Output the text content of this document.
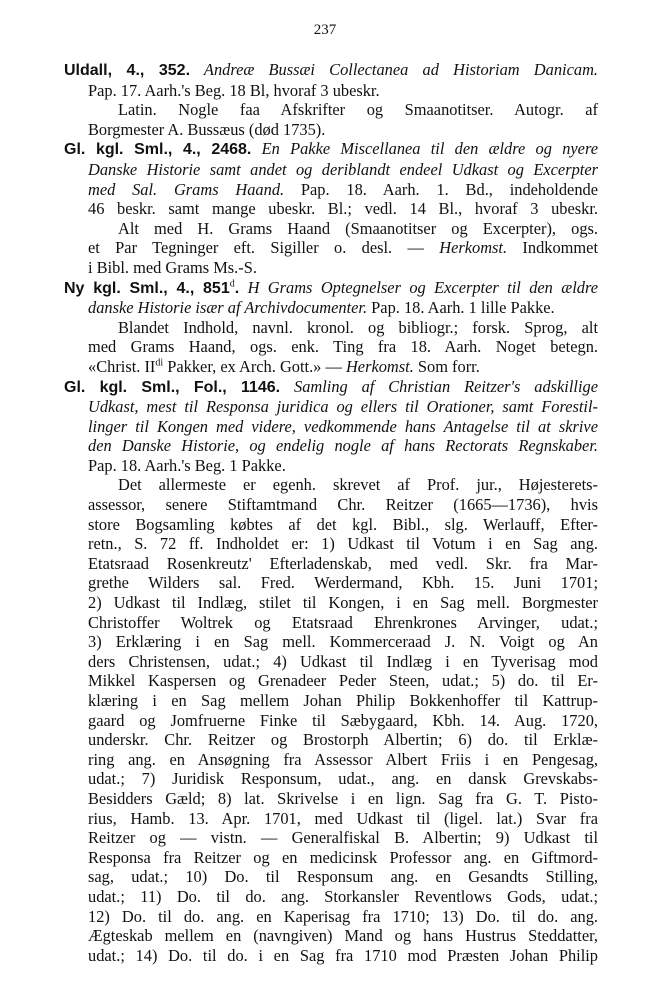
237
Uldall, 4., 352. Andreæ Bussæi Collectanea ad Historiam Danicam.
Pap. 17. Aarh.'s Beg. 18 Bl, hvoraf 3 ubeskr.
Latin. Nogle faa Afskrifter og Smaanotitser. Autogr. af
Borgmester A. Bussæus (død 1735).
Gl. kgl. Sml., 4., 2468. En Pakke Miscellanea til den ældre og nyere
Danske Historie samt andet og deriblandt endeel Udkast og Excerpter
med Sal. Grams Haand. Pap. 18. Aarh. 1. Bd., indeholdende
46 beskr. samt mange ubeskr. Bl.; vedl. 14 Bl., hvoraf 3 ubeskr.
Alt med H. Grams Haand (Smaanotitser og Excerpter), ogs.
et Par Tegninger eft. Sigiller o. desl. — Herkomst. Indkommet
i Bibl. med Grams Ms.-S.
Ny kgl. Sml., 4., 851$^d$. H Grams Optegnelser og Excerpter til den ældre
danske Historie især af Archivdocumenter. Pap. 18. Aarh. 1 lille Pakke.
Blandet Indhold, navnl. kronol. og bibliogr.; forsk. Sprog, alt
med Grams Haand, ogs. enk. Ting fra 18. Aarh. Noget betegn.
«Christ. $II^{di}$ Pakker, ex Arch. Gott.» — Herkomst. Som forr.
Gl. kgl. Sml., Fol., 1146. Samling af Christian Reitzer's adskillige
Udkast, mest til Responsa juridica og ellers til Orationer, samt Forestil-
linger til Kongen med videre, vedkommende hans Antagelse til at skrive
den Danske Historie, og endelig nogle af hans Rectorats Regnskaber.
Pap. 18. Aarh.'s Beg. 1 Pakke.
Det allermeste er egenh. skrevet af Prof. jur., Højesterets-
assessor, senere Stiftamtmand Chr. Reitzer (1665—1736), hvis
store Bogsamling købtes af det kgl. Bibl., slg. Werlauff, Efter-
retn., S. 72 ff. Indholdet er: 1) Udkast til Votum i en Sag ang.
Etatsraad Rosenkreutz' Efterladenskab, med vedl. Skr. fra Mar-
grethe Wilders sal. Fred. Werdermand, Kbh. 15. Juni 1701;
2) Udkast til Indlæg, stilet til Kongen, i en Sag mell. Borgmester
Christoffer Woltrek og Etatsraad Ehrenkrones Arvinger, udat.;
3) Erklæring i en Sag mell. Kommerceraad J. N. Voigt og An
ders Christensen, udat.; 4) Udkast til Indlæg i en Tyverisag mod
Mikkel Kaspersen og Grenadeer Peder Steen, udat.; 5) do. til Er-
klæring i en Sag mellem Johan Philip Bokkenhoffer til Kattrup-
gaard og Jomfruerne Finke til Sæbygaard, Kbh. 14. Aug. 1720,
underskr. Chr. Reitzer og Brostorph Albertin; 6) do. til Erklæ-
ring ang. en Ansøgning fra Assessor Albert Friis i en Pengesag,
udat.; 7) Juridisk Responsum, udat., ang. en dansk Grevskabs-
Besidders Gæld; 8) lat. Skrivelse i en lign. Sag fra G. T. Pisto-
rius, Hamb. 13. Apr. 1701, med Udkast til (ligel. lat.) Svar fra
Reitzer og — vistn. — Generalfiskal B. Albertin; 9) Udkast til
Responsa fra Reitzer og en medicinsk Professor ang. en Giftmord-
sag, udat.; 10) Do. til Responsum ang. en Gesandts Stilling,
udat.; 11) Do. til do. ang. Storkansler Reventlows Gods, udat.;
12) Do. til do. ang. en Kaperisag fra 1710; 13) Do. til do. ang.
Ægteskab mellem en (navngiven) Mand og hans Hustrus Steddatter,
udat.; 14) Do. til do. i en Sag fra 1710 mod Præsten Johan Philip
